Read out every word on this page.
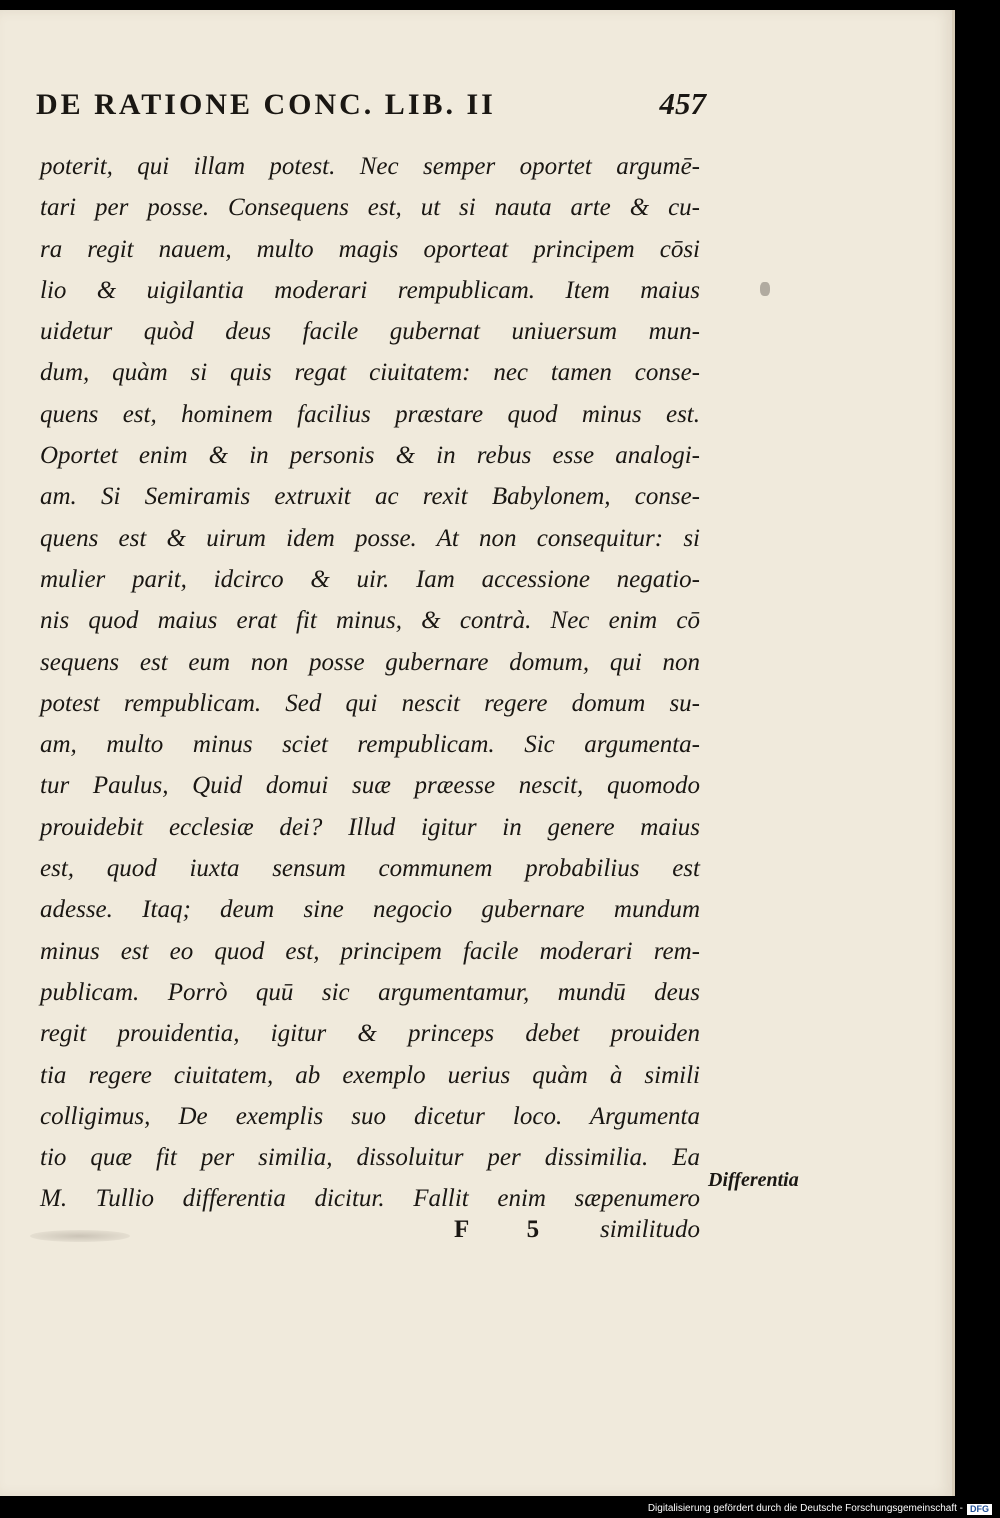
DE RATIONE CONC. LIB. II	457
poterit, qui illam potest. Nec semper oportet argumē-
tari per posse. Consequens est, ut si nauta arte & cu-
ra regit nauem, multo magis oporteat principem cōsi
lio & uigilantia moderari rempublicam. Item maius
uidetur quòd deus facile gubernat uniuersum mun-
dum, quàm si quis regat ciuitatem: nec tamen conse-
quens est, hominem facilius præstare quod minus est.
Oportet enim & in personis & in rebus esse analogi-
am. Si Semiramis extruxit ac rexit Babylonem, conse-
quens est & uirum idem posse. At non consequitur: si
mulier parit, idcirco & uir. Iam accessione negatio-
nis quod maius erat fit minus, & contrà. Nec enim cō
sequens est eum non posse gubernare domum, qui non
potest rempublicam. Sed qui nescit regere domum su-
am, multo minus sciet rempublicam. Sic argumenta-
tur Paulus, Quid domui suæ præesse nescit, quomodo
prouidebit ecclesiæ dei? Illud igitur in genere maius
est, quod iuxta sensum communem probabilius est
adesse. Itaq; deum sine negocio gubernare mundum
minus est eo quod est, principem facile moderari rem-
publicam. Porrò quū sic argumentamur, mundū deus
regit prouidentia, igitur & princeps debet prouiden
tia regere ciuitatem, ab exemplo uerius quàm à simili
colligimus, De exemplis suo dicetur loco. Argumenta
tio quæ fit per similia, dissoluitur per dissimilia. Ea
M. Tullio differentia dicitur. Fallit enim sæpenumero
Differentia
F 5 similitudo
Digitalisierung gefördert durch die Deutsche Forschungsgemeinschaft - DFG
